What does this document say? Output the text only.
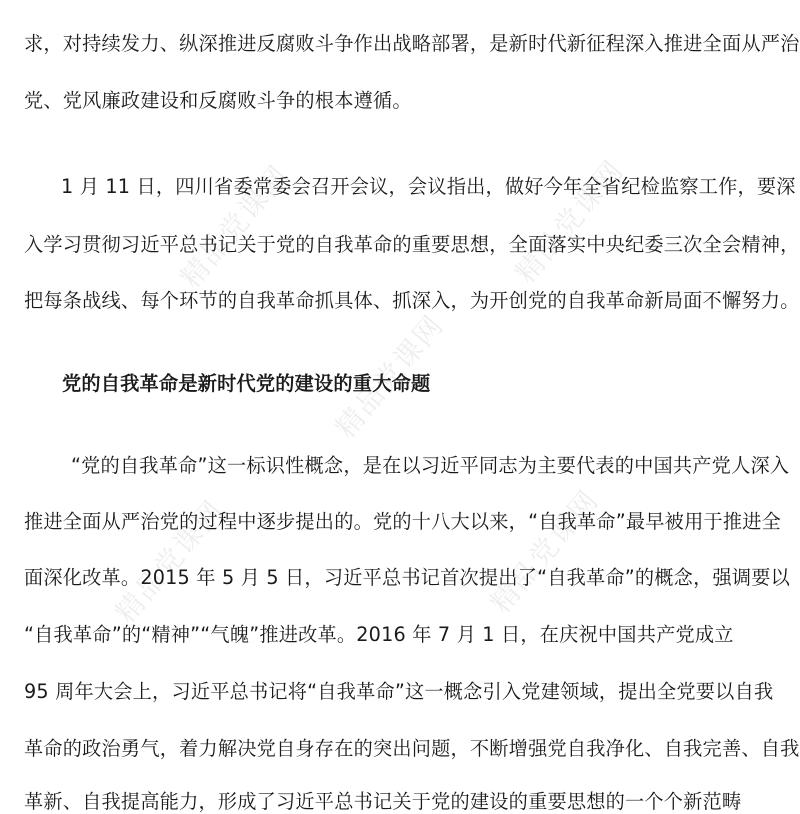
精品党课网	精品党课网
精品党课网
精品党课网	精品党课网
求，对持续发力、纵深推进反腐败斗争作出战略部署，是新时代新征程深入推进全面从严治
党、党风廉政建设和反腐败斗争的根本遵循。
1 月 11 日，四川省委常委会召开会议，会议指出，做好今年全省纪检监察工作，要深
入学习贯彻习近平总书记关于党的自我革命的重要思想，全面落实中央纪委三次全会精神，
把每条战线、每个环节的自我革命抓具体、抓深入，为开创党的自我革命新局面不懈努力。
党的自我革命是新时代党的建设的重大命题
“党的自我革命”这一标识性概念，是在以习近平同志为主要代表的中国共产党人深入
推进全面从严治党的过程中逐步提出的。党的十八大以来，“自我革命”最早被用于推进全
面深化改革。2015 年 5 月 5 日，习近平总书记首次提出了“自我革命”的概念，强调要以
“自我革命”的“精神”“气魄”推进改革。2016 年 7 月 1 日，在庆祝中国共产党成立
95 周年大会上，习近平总书记将“自我革命”这一概念引入党建领域，提出全党要以自我
革命的政治勇气，着力解决党自身存在的突出问题，不断增强党自我净化、自我完善、自我
革新、自我提高能力，形成了习近平总书记关于党的建设的重要思想的一个个新范畴
